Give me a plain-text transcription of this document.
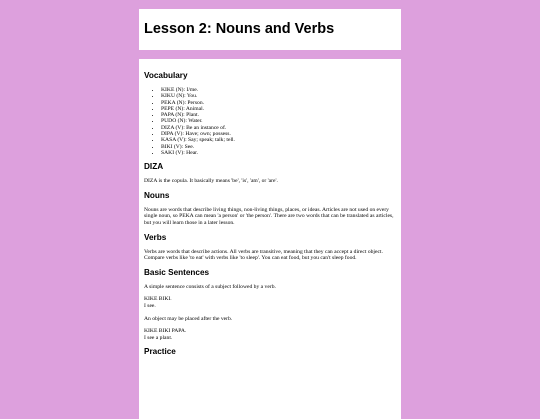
Lesson 2: Nouns and Verbs
Vocabulary
• KIKE (N): I/me.
• KIKU (N): You.
• PEKA (N): Person.
• PEPE (N): Animal.
• PAPA (N): Plant.
• PUDO (N): Water.
• DIZA (V): Be an instance of.
• DIPA (V): Have; own; possess.
• KASA (V): Say; speak; talk; tell.
• BIKI (V): See.
• SAKI (V): Hear.
DIZA

DIZA is the copula. It basically means 'be', 'is', 'am', or 'are'.

Nouns

Nouns are words that describe living things, non-living things, places, or ideas. Articles are not used on every single noun, so PEKA can mean 'a person' or 'the person'. There are two words that can be translated as articles, but you will learn those in a later lesson.

Verbs

Verbs are words that describe actions. All verbs are transitive, meaning that they can accept a direct object. Compare verbs like 'to eat' with verbs like 'to sleep'. You can eat food, but you can't sleep food.

Basic Sentences

A simple sentence consists of a subject followed by a verb.

KIKE BIKI.
I see.

An object may be placed after the verb.

KIKE BIKI PAPA.
I see a plant.

Practice
